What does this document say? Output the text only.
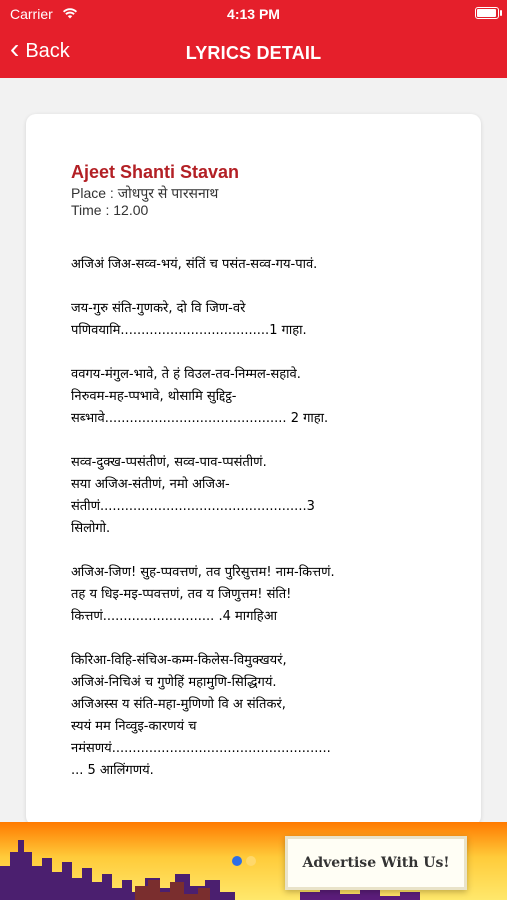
Carrier	4:13 PM
‹ Back	LYRICS DETAIL
Ajeet Shanti Stavan
Place : जोधपुर से पारसनाथ
Time : 12.00
अजिअं जिअ-सव्व-भयं, संतिं च पसंत-सव्व-गय-पावं.
जय-गुरु संति-गुणकरे, दो वि जिण-वरे
पणिवयामि....................................1 गाहा.
ववगय-मंगुल-भावे, ते हं विउल-तव-निम्मल-सहावे.
निरुवम-मह-प्पभावे, थोसामि सुद्दिट्ठ-
सब्भावे............................................ 2 गाहा.
सव्व-दुक्ख-प्पसंतीणं, सव्व-पाव-प्पसंतीणं.
सया अजिअ-संतीणं, नमो अजिअ-
संतीणं..................................................3
सिलोगो.
अजिअ-जिण! सुह-प्पवत्तणं, तव पुरिसुत्तम! नाम-कित्तणं.
तह य धिइ-मइ-प्पवत्तणं, तव य जिणुत्तम! संति!
कित्तणं........................... .4 मागहिआ
किरिआ-विहि-संचिअ-कम्म-किलेस-विमुक्खयरं,
अजिअं-निचिअं च गुणेहिं महामुणि-सिद्धिगयं.
अजिअस्स य संति-महा-मुणिणो वि अ संतिकरं,
स्ययं मम निव्वुइ-कारणयं च
नमंसणयं.....................................................
... 5 आलिंगणयं.
Advertise With Us!
